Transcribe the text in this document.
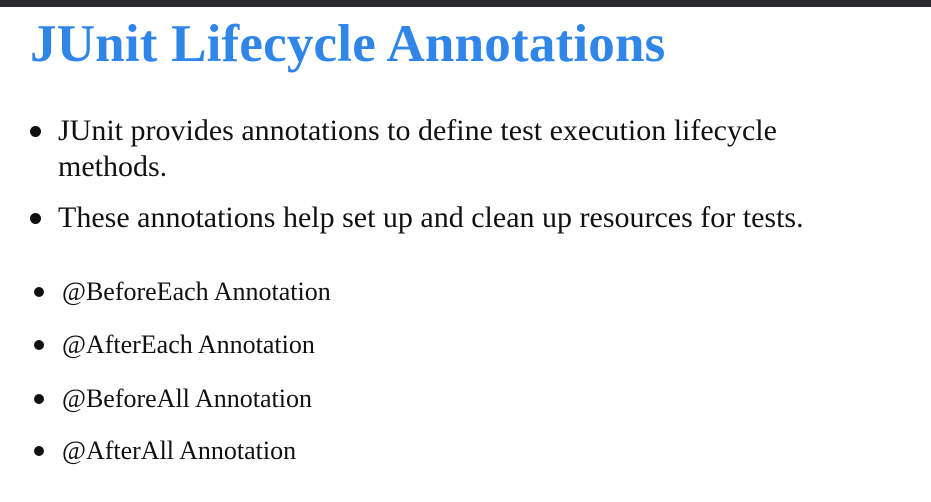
JUnit Lifecycle Annotations
JUnit provides annotations to define test execution lifecycle methods.
These annotations help set up and clean up resources for tests.
@BeforeEach Annotation
@AfterEach Annotation
@BeforeAll Annotation
@AfterAll Annotation
